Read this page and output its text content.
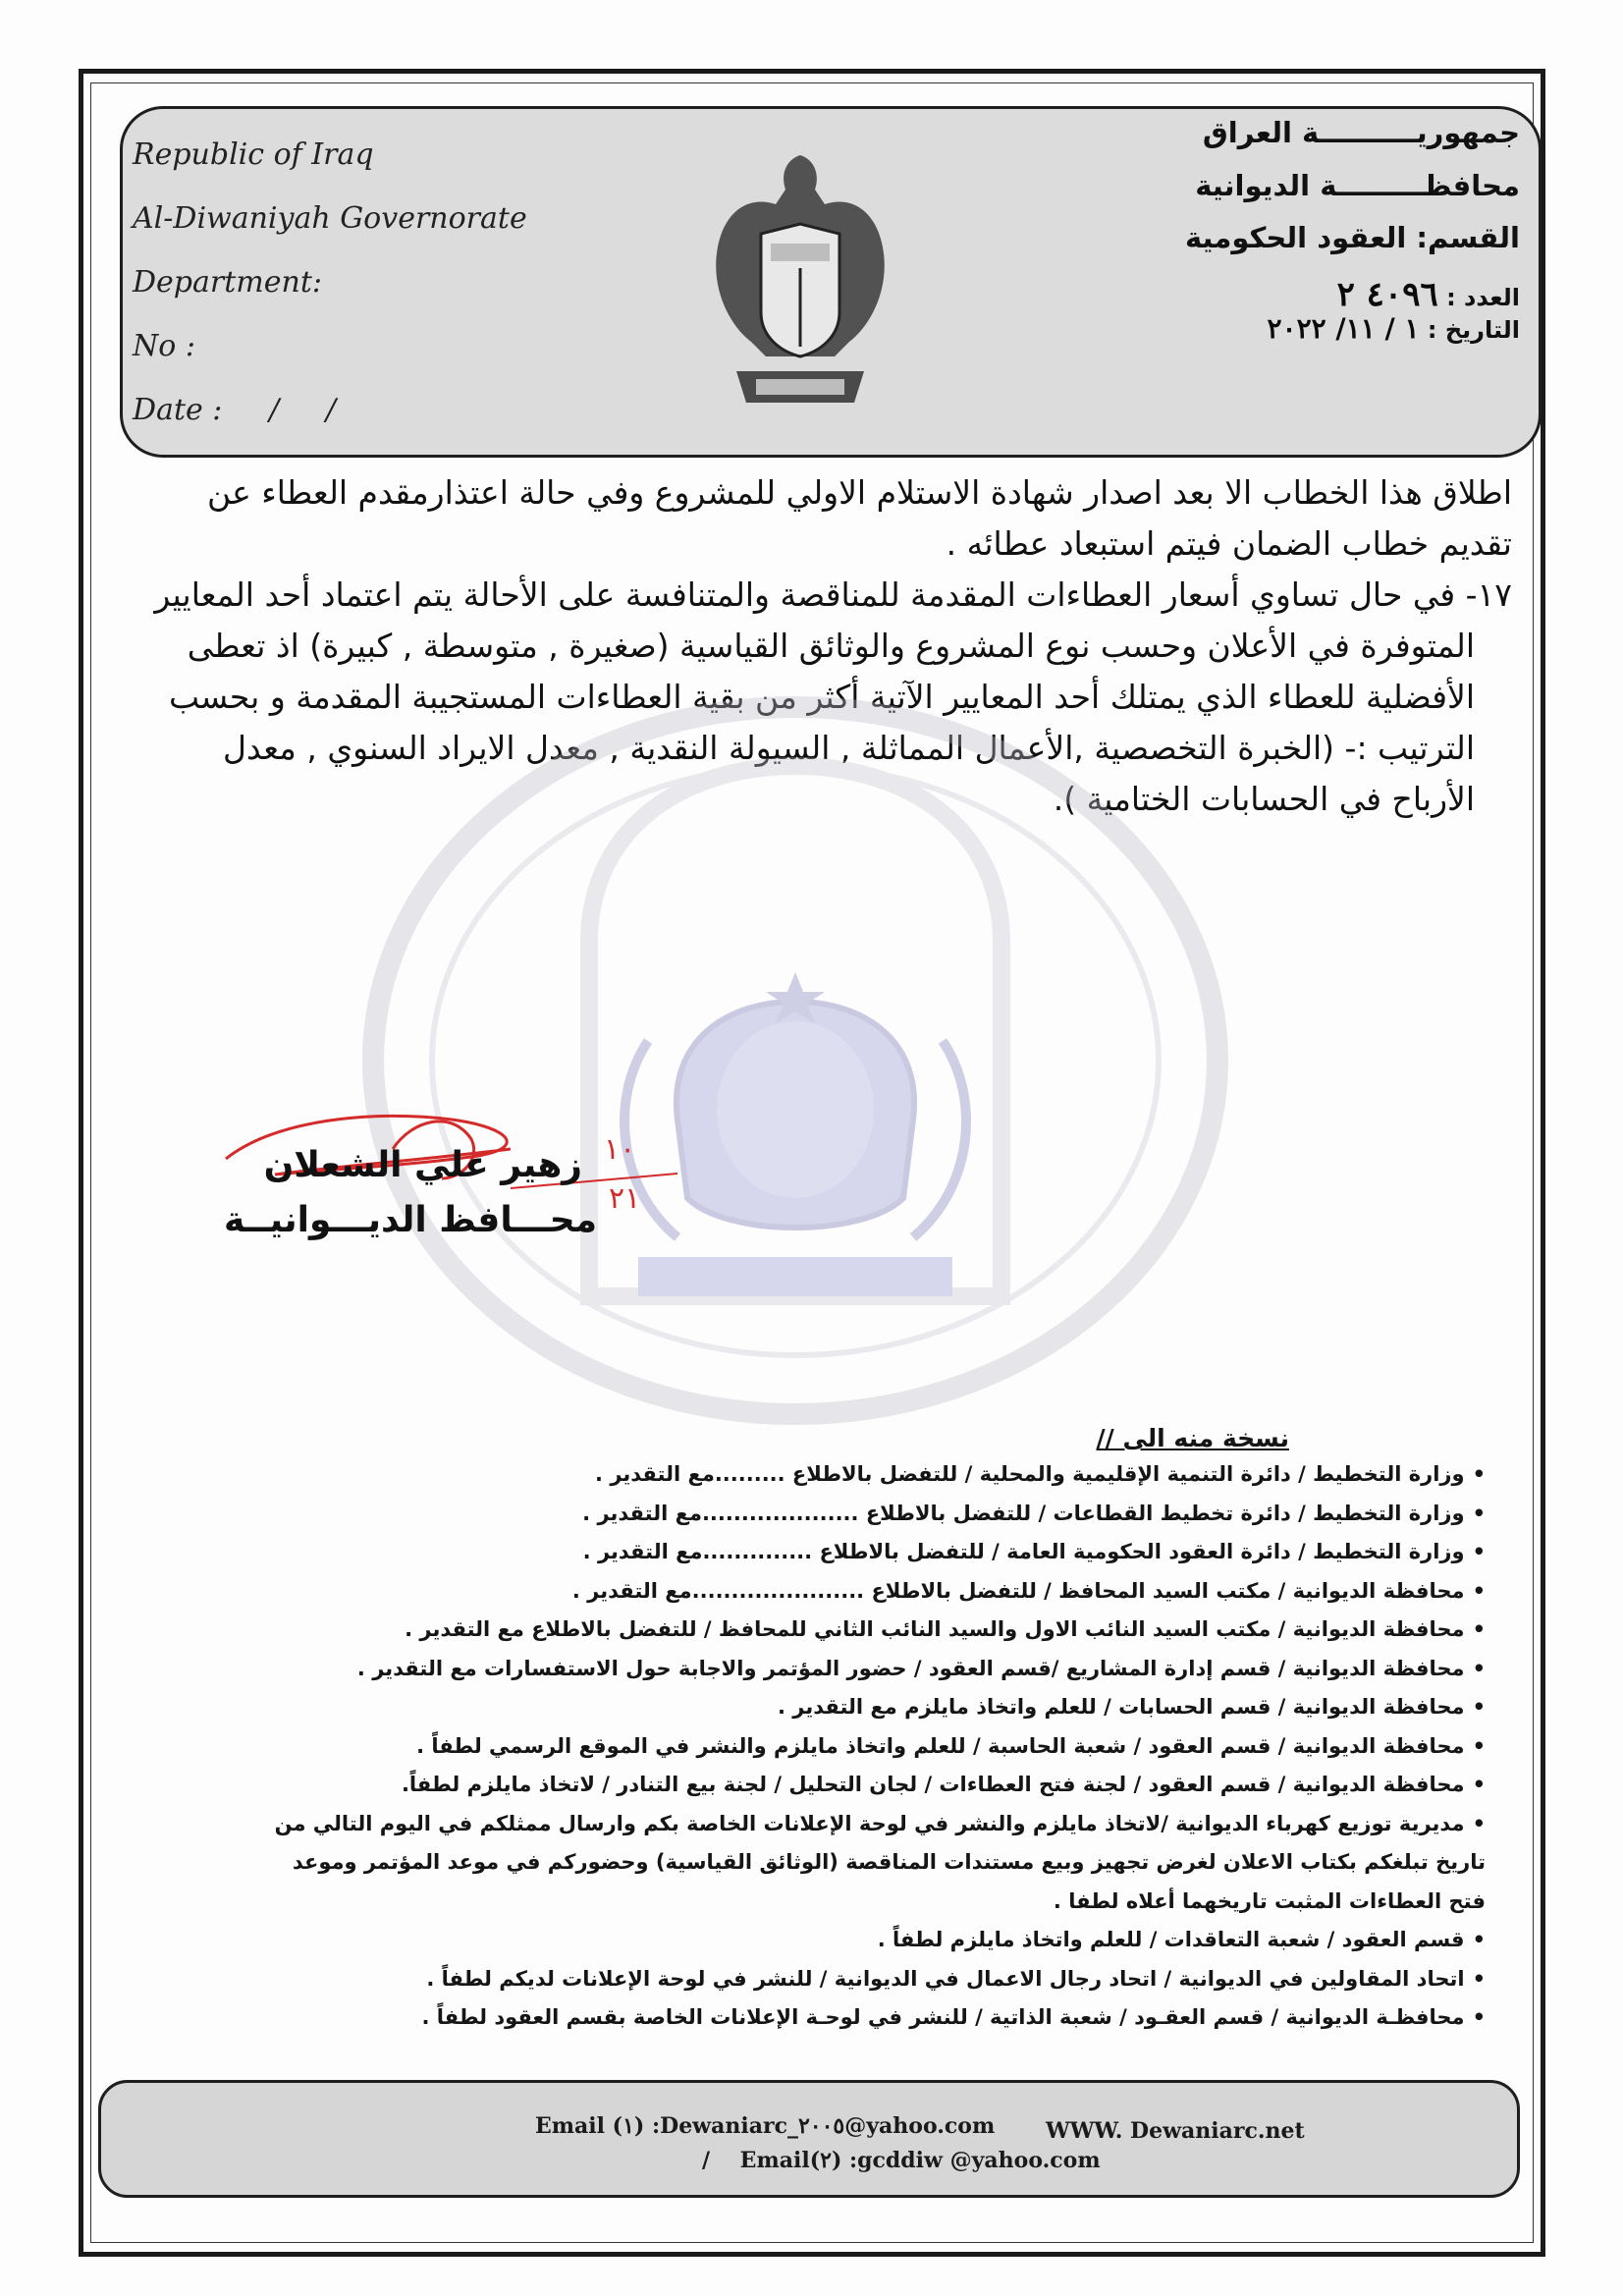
Republic of Iraq
Al-Diwaniyah Governorate
Department:
No :
Date :     /     /
جمهوريــــــــــة العراق
محافظـــــــــة الديوانية
القسم: العقود الحكومية
العدد : ٤٠٩٦ ٢
التاريخ : ١ / ١١/ ٢٠٢٢
اطلاق هذا الخطاب الا بعد اصدار شهادة الاستلام الاولي للمشروع وفي حالة اعتذارمقدم العطاء عن
تقديم خطاب الضمان فيتم استبعاد عطائه .
١٧- في حال تساوي أسعار العطاءات المقدمة للمناقصة والمتنافسة على الأحالة يتم اعتماد أحد المعايير
المتوفرة في الأعلان وحسب نوع المشروع والوثائق القياسية (صغيرة , متوسطة , كبيرة) اذ تعطى
الأفضلية للعطاء الذي يمتلك أحد المعايير الآتية أكثر من بقية العطاءات المستجيبة المقدمة و بحسب
الترتيب :- (الخبرة التخصصية ,الأعمال المماثلة , السيولة النقدية , معدل الايراد السنوي , معدل
الأرباح في الحسابات الختامية ).
١٠
٢١
زهير علي الشعلان
محـــافظ الديـــوانيــة
نسخة منه الى //
• وزارة التخطيط / دائرة التنمية الإقليمية والمحلية / للتفضل بالاطلاع .........مع التقدير .
• وزارة التخطيط / دائرة تخطيط القطاعات / للتفضل بالاطلاع ....................مع التقدير .
• وزارة التخطيط / دائرة العقود الحكومية العامة / للتفضل بالاطلاع ..............مع التقدير .
• محافظة الديوانية / مكتب السيد المحافظ / للتفضل بالاطلاع ......................مع التقدير .
• محافظة الديوانية / مكتب السيد النائب الاول والسيد النائب الثاني للمحافظ / للتفضل بالاطلاع مع التقدير .
• محافظة الديوانية / قسم إدارة المشاريع /قسم العقود / حضور المؤتمر والاجابة حول الاستفسارات مع التقدير .
• محافظة الديوانية / قسم الحسابات / للعلم واتخاذ مايلزم مع التقدير .
• محافظة الديوانية / قسم العقود / شعبة الحاسبة / للعلم واتخاذ مايلزم والنشر في الموقع الرسمي لطفاً .
• محافظة الديوانية / قسم العقود / لجنة فتح العطاءات / لجان التحليل / لجنة بيع التنادر / لاتخاذ مايلزم لطفاً.
• مديرية توزيع كهرباء الديوانية /لاتخاذ مايلزم والنشر في لوحة الإعلانات الخاصة بكم وارسال ممثلكم في اليوم التالي من
تاريخ تبلغكم بكتاب الاعلان لغرض تجهيز وبيع مستندات المناقصة (الوثائق القياسية) وحضوركم في موعد المؤتمر وموعد
فتح العطاءات المثبت تاريخهما أعلاه لطفا .
• قسم العقود / شعبة التعاقدات / للعلم واتخاذ مايلزم لطفاً .
• اتحاد المقاولين في الديوانية / اتحاد رجال الاعمال في الديوانية / للنشر في لوحة الإعلانات لديكم لطفاً .
• محافظـة الديوانية / قسم العقـود / شعبة الذاتية / للنشر في لوحـة الإعلانات الخاصة بقسم العقود لطفاً .
Email (١) :Dewaniarc_٢٠٠٥@yahoo.com WWW. Dewaniarc.net
/    Email(٢) :gcddiw @yahoo.com
